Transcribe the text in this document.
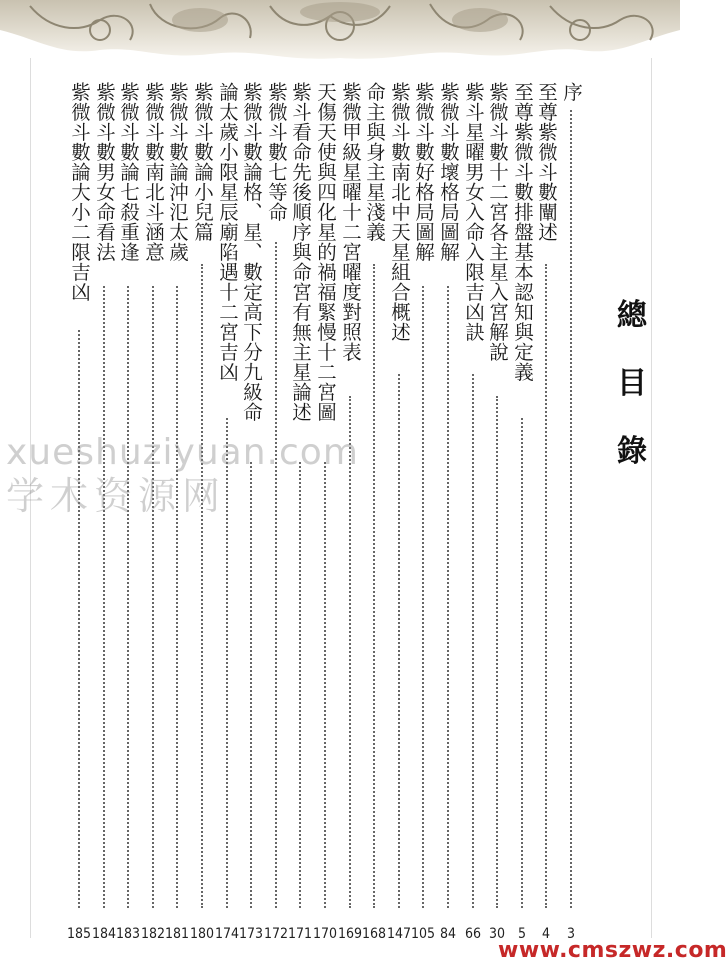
總
目
錄
序
3
至尊紫微斗數闡述
4
至尊紫微斗數排盤基本認知與定義
5
紫微斗數十二宮各主星入宮解說
30
紫斗星曜男女入命入限吉凶訣
66
紫微斗數壞格局圖解
84
紫微斗數好格局圖解
105
紫微斗數南北中天星組合概述
147
命主與身主星淺義
168
紫微甲級星曜十二宮曜度對照表
169
天傷天使與四化星的禍福緊慢十二宮圖
170
紫斗看命先後順序與命宮有無主星論述
171
紫微斗數七等命
172
紫微斗數論格、星、數定高下分九級命
173
論太歲小限星辰廟陷遇十二宮吉凶
174
紫微斗數論小兒篇
180
紫微斗數論沖氾太歲
181
紫微斗數南北斗涵意
182
紫微斗數論七殺重逢
183
紫微斗數男女命看法
184
紫微斗數論大小二限吉凶
185
xueshuziyuan.com
学术资源网
www.cmszwz.com
